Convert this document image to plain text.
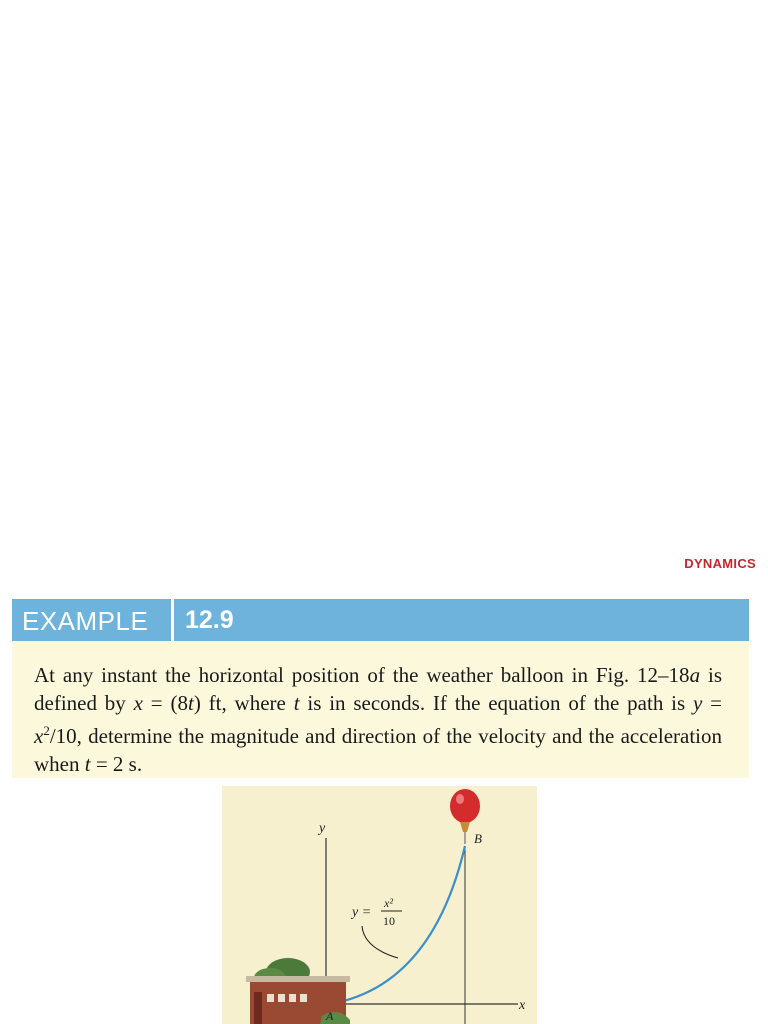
DYNAMICS
EXAMPLE 12.9
At any instant the horizontal position of the weather balloon in Fig. 12–18a is defined by x = (8t) ft, where t is in seconds. If the equation of the path is $y = x^2/10$, determine the magnitude and direction of the velocity and the acceleration when t = 2 s.
y
x
y =
x²
10
B
A
